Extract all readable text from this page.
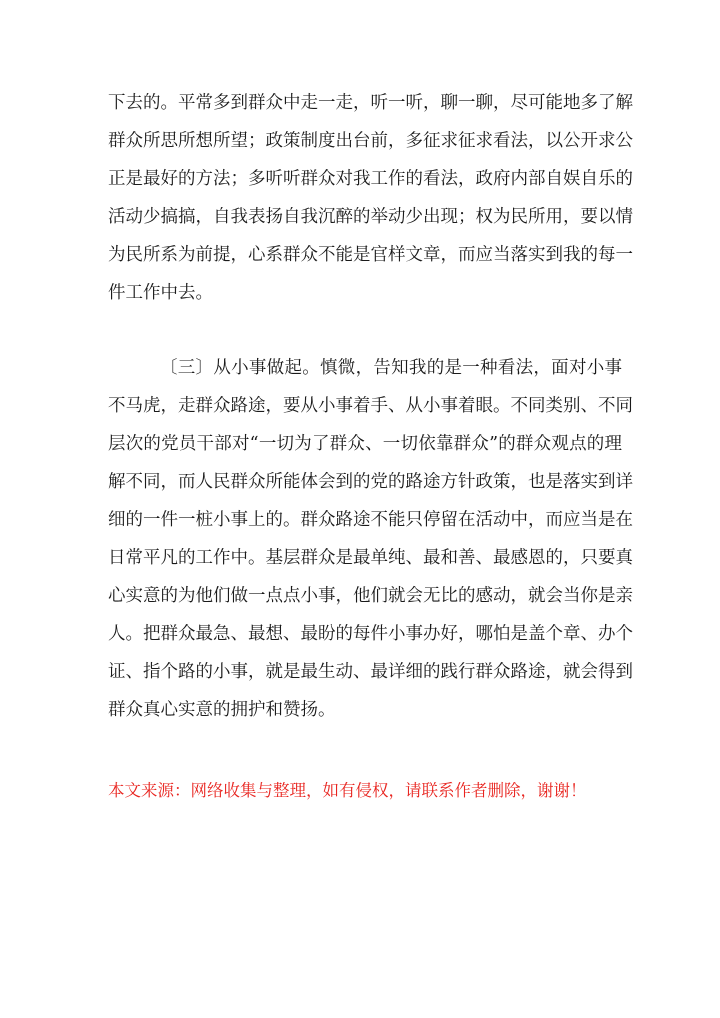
下去的。平常多到群众中走一走，听一听，聊一聊，尽可能地多了解
群众所思所想所望；政策制度出台前，多征求征求看法，以公开求公
正是最好的方法；多听听群众对我工作的看法，政府内部自娱自乐的
活动少搞搞，自我表扬自我沉醉的举动少出现；权为民所用，要以情
为民所系为前提，心系群众不能是官样文章，而应当落实到我的每一
件工作中去。
〔三〕从小事做起。慎微，告知我的是一种看法，面对小事
不马虎，走群众路途，要从小事着手、从小事着眼。不同类别、不同
层次的党员干部对“一切为了群众、一切依靠群众”的群众观点的理
解不同，而人民群众所能体会到的党的路途方针政策，也是落实到详
细的一件一桩小事上的。群众路途不能只停留在活动中，而应当是在
日常平凡的工作中。基层群众是最单纯、最和善、最感恩的，只要真
心实意的为他们做一点点小事，他们就会无比的感动，就会当你是亲
人。把群众最急、最想、最盼的每件小事办好，哪怕是盖个章、办个
证、指个路的小事，就是最生动、最详细的践行群众路途，就会得到
群众真心实意的拥护和赞扬。
本文来源：网络收集与整理，如有侵权，请联系作者删除，谢谢！
